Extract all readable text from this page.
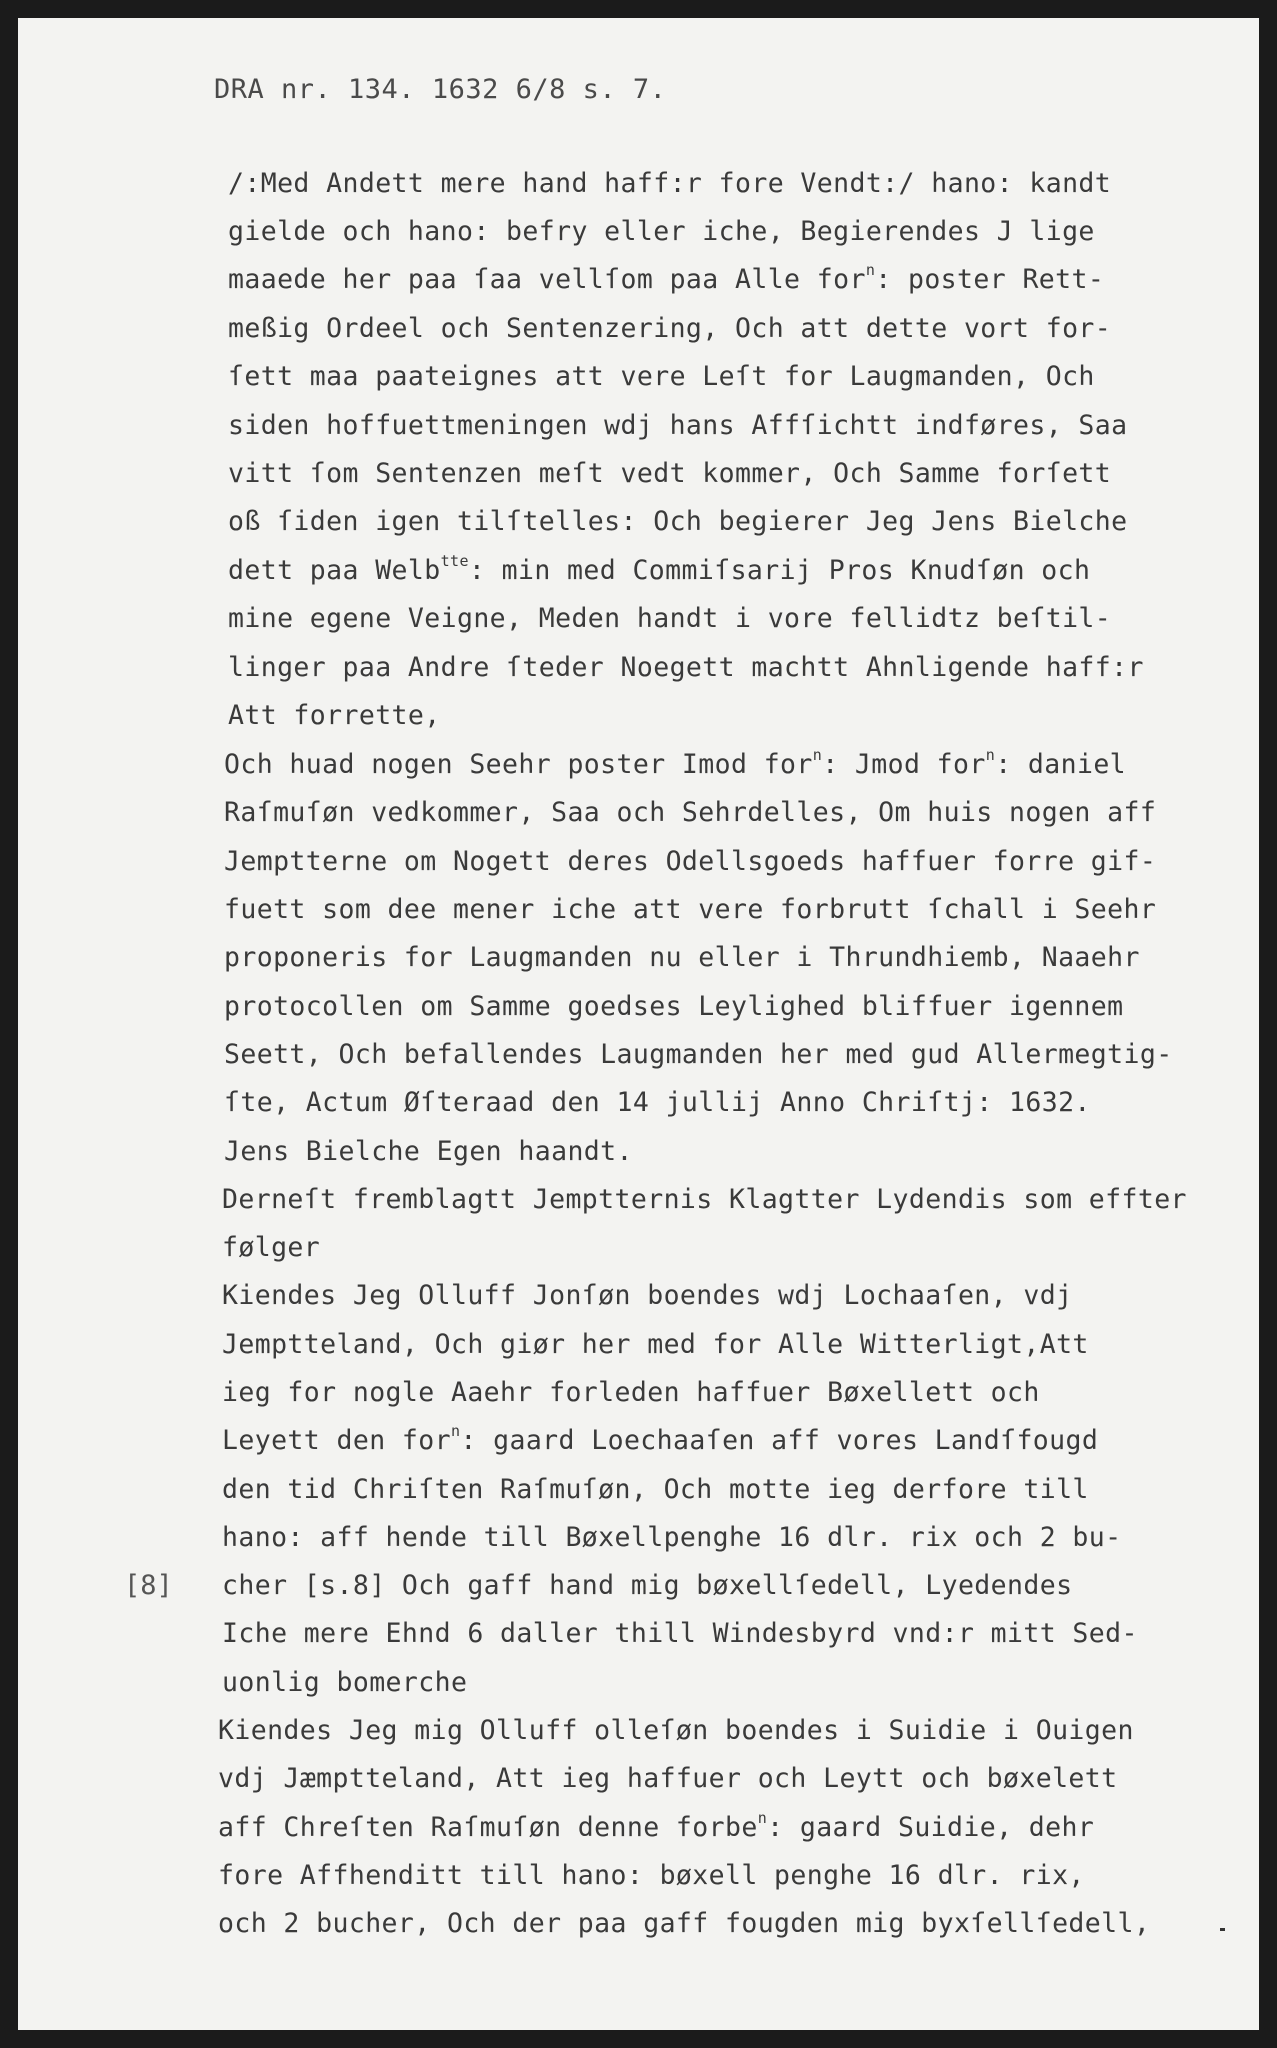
DRA nr. 134. 1632 6/8 s. 7.
[8]
/:Med Andett mere hand haff:r fore Vendt:/ hano: kandt
gielde och hano: befry eller iche, Begierendes J lige
maaede her paa ſaa vellſom paa Alle for$^n$: poster Rett-
meßig Ordeel och Sentenzering, Och att dette vort for-
ſett maa paateignes att vere Leſt for Laugmanden, Och
siden hoffuettmeningen wdj hans Affſichtt indføres, Saa
vitt ſom Sentenzen meſt vedt kommer, Och Samme forſett
oß ſiden igen tilſtelles: Och begierer Jeg Jens Bielche
dett paa Welb$^{tte}$: min med Commiſsarij Pros Knudſøn och
mine egene Veigne, Meden handt i vore fellidtz beſtil-
linger paa Andre ſteder Noegett machtt Ahnligende haff:r
Att forrette,
Och huad nogen Seehr poster Imod for$^n$: Jmod for$^n$: daniel
Raſmuſøn vedkommer, Saa och Sehrdelles, Om huis nogen aff
Jemptterne om Nogett deres Odellsgoeds haffuer forre gif-
fuett som dee mener iche att vere forbrutt ſchall i Seehr
proponeris for Laugmanden nu eller i Thrundhiemb, Naaehr
protocollen om Samme goedses Leylighed bliffuer igennem
Seett, Och befallendes Laugmanden her med gud Allermegtig-
ſte, Actum Øſteraad den 14 jullij Anno Chriſtj: 1632.
Jens Bielche Egen haandt.
Derneſt fremblagtt Jemptternis Klagtter Lydendis som effter
følger
Kiendes Jeg Olluff Jonſøn boendes wdj Lochaaſen, vdj
Jemptteland, Och giør her med for Alle Witterligt,Att
ieg for nogle Aaehr forleden haffuer Bøxellett och
Leyett den for$^n$: gaard Loechaaſen aff vores Landſfougd
den tid Chriſten Raſmuſøn, Och motte ieg derfore till
hano: aff hende till Bøxellpenghe 16 dlr. rix och 2 bu-
cher [s.8] Och gaff hand mig bøxellſedell, Lyedendes
Iche mere Ehnd 6 daller thill Windesbyrd vnd:r mitt Sed-
uonlig bomerche
Kiendes Jeg mig Olluff olleſøn boendes i Suidie i Ouigen
vdj Jæmptteland, Att ieg haffuer och Leytt och bøxelett
aff Chreſten Raſmuſøn denne forbe$^n$: gaard Suidie, dehr
fore Affhenditt till hano: bøxell penghe 16 dlr. rix,
och 2 bucher, Och der paa gaff fougden mig byxſellſedell,
